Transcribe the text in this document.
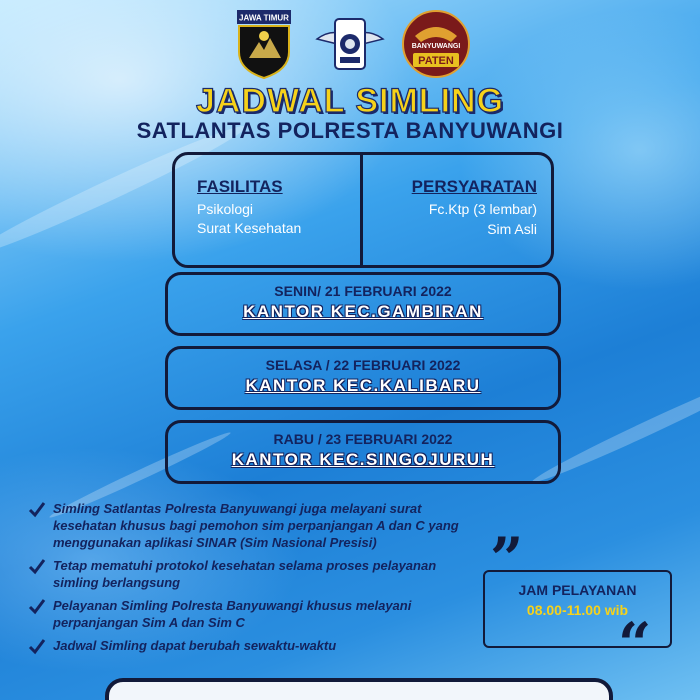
JAWA TIMUR
BANYUWANGI
PATEN
JADWAL SIMLING
SATLANTAS POLRESTA BANYUWANGI
FASILITAS
Psikologi
Surat Kesehatan
PERSYARATAN
Fc.Ktp (3 lembar)
Sim Asli
SENIN/ 21 FEBRUARI 2022
KANTOR KEC.GAMBIRAN
SELASA / 22 FEBRUARI 2022
KANTOR KEC.KALIBARU
RABU / 23 FEBRUARI 2022
KANTOR KEC.SINGOJURUH
Simling Satlantas Polresta Banyuwangi juga melayani surat kesehatan khusus bagi pemohon sim perpanjangan A dan C yang menggunakan aplikasi SINAR (Sim Nasional Presisi)
Tetap mematuhi protokol kesehatan selama proses pelayanan simling berlangsung
Pelayanan Simling Polresta Banyuwangi khusus melayani perpanjangan Sim A dan Sim C
Jadwal Simling dapat berubah sewaktu-waktu
”
JAM PELAYANAN
08.00-11.00 wib
“
